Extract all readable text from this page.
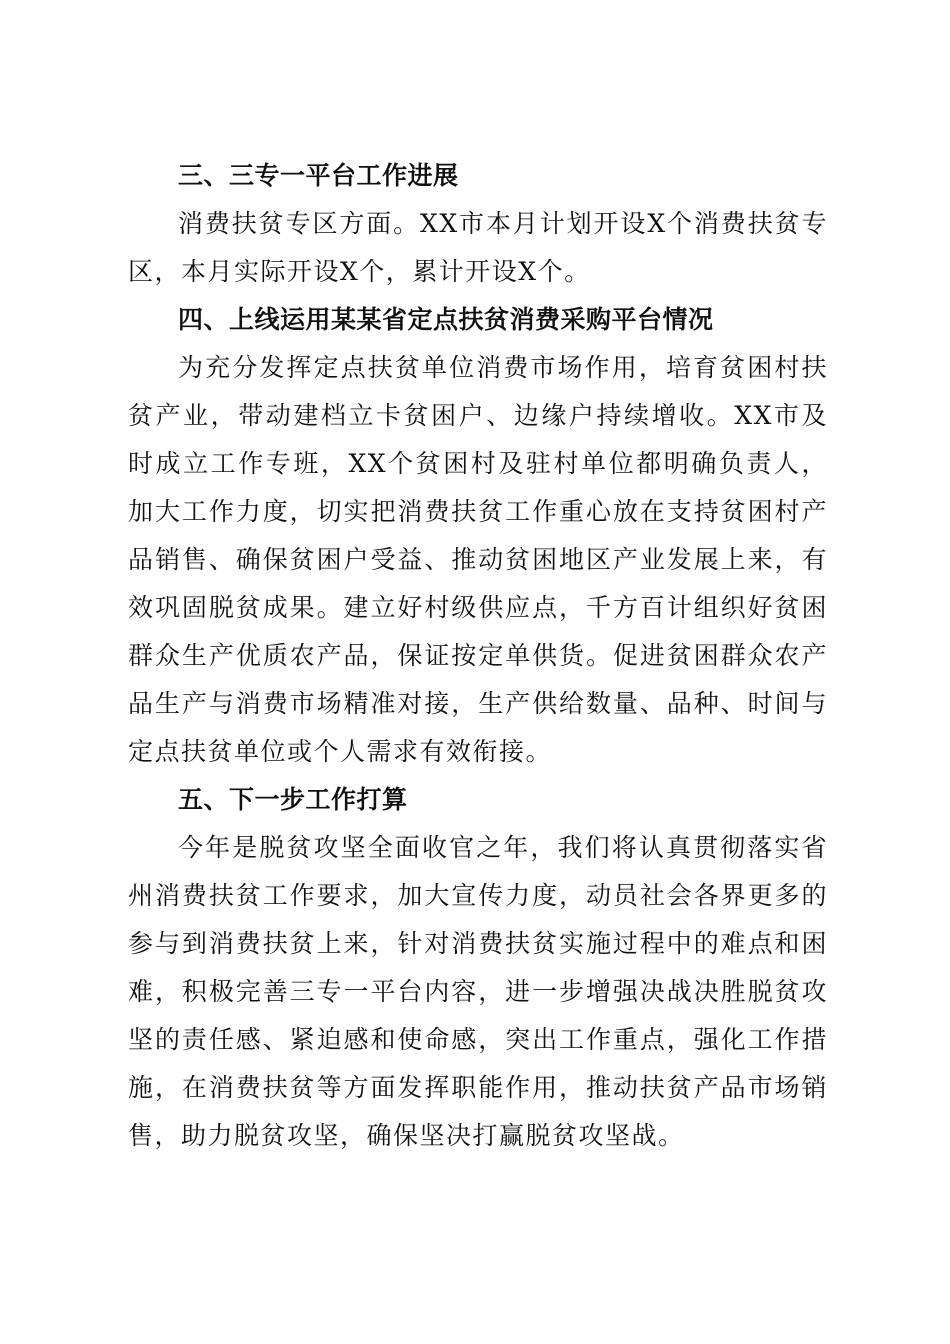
三、三专一平台工作进展

消费扶贫专区方面。XX市本月计划开设X个消费扶贫专区，本月实际开设X个，累计开设X个。

四、上线运用某某省定点扶贫消费采购平台情况

为充分发挥定点扶贫单位消费市场作用，培育贫困村扶贫产业，带动建档立卡贫困户、边缘户持续增收。XX市及时成立工作专班，XX个贫困村及驻村单位都明确负责人，加大工作力度，切实把消费扶贫工作重心放在支持贫困村产品销售、确保贫困户受益、推动贫困地区产业发展上来，有效巩固脱贫成果。建立好村级供应点，千方百计组织好贫困群众生产优质农产品，保证按定单供货。促进贫困群众农产品生产与消费市场精准对接，生产供给数量、品种、时间与定点扶贫单位或个人需求有效衔接。

五、下一步工作打算

今年是脱贫攻坚全面收官之年，我们将认真贯彻落实省州消费扶贫工作要求，加大宣传力度，动员社会各界更多的参与到消费扶贫上来，针对消费扶贫实施过程中的难点和困难，积极完善三专一平台内容，进一步增强决战决胜脱贫攻坚的责任感、紧迫感和使命感，突出工作重点，强化工作措施，在消费扶贫等方面发挥职能作用，推动扶贫产品市场销售，助力脱贫攻坚，确保坚决打赢脱贫攻坚战。
